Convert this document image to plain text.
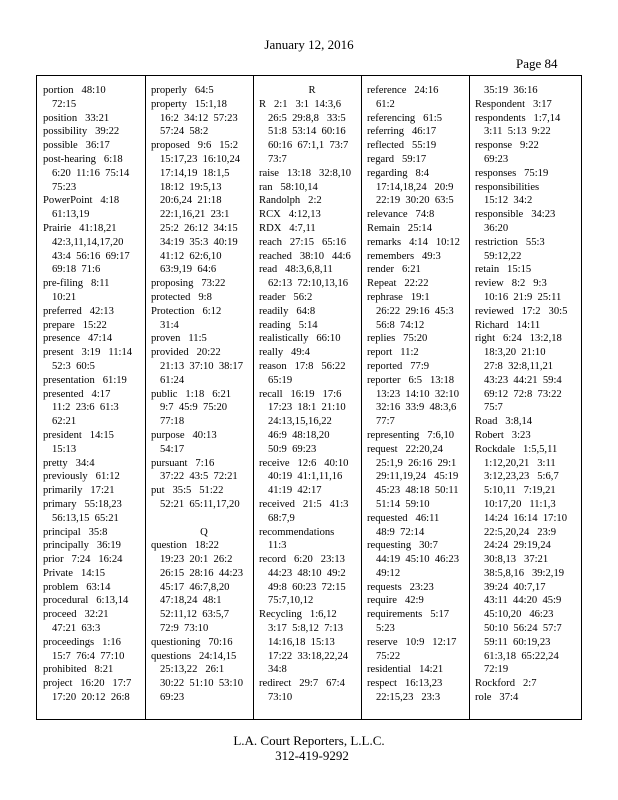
January 12, 2016
Page 84
portion   48:10
72:15
position   33:21
possibility   39:22
possible   36:17
post-hearing   6:18
6:20  11:16  75:14
75:23
PowerPoint   4:18
61:13,19
Prairie   41:18,21
42:3,11,14,17,20
43:4  56:16  69:17
69:18  71:6
pre-filing   8:11
10:21
preferred   42:13
prepare   15:22
presence   47:14
present   3:19   11:14
52:3  60:5
presentation   61:19
presented   4:17
11:2  23:6  61:3
62:21
president   14:15
15:13
pretty   34:4
previously   61:12
primarily   17:21
primary   55:18,23
56:13,15  65:21
principal   35:8
principally   36:19
prior   7:24   16:24
Private   14:15
problem   63:14
procedural   6:13,14
proceed   32:21
47:21  63:3
proceedings   1:16
15:7  76:4  77:10
prohibited   8:21
project   16:20   17:7
17:20  20:12  26:8
properly   64:5
property   15:1,18
16:2  34:12  57:23
57:24  58:2
proposed   9:6   15:2
15:17,23  16:10,24
17:14,19  18:1,5
18:12  19:5,13
20:6,24  21:18
22:1,16,21  23:1
25:2  26:12  34:15
34:19  35:3  40:19
41:12  62:6,10
63:9,19  64:6
proposing   73:22
protected   9:8
Protection   6:12
31:4
proven   11:5
provided   20:22
21:13  37:10  38:17
61:24
public   1:18   6:21
9:7  45:9  75:20
77:18
purpose   40:13
54:17
pursuant   7:16
37:22  43:5  72:21
put   35:5   51:22
52:21  65:11,17,20
Q
question   18:22
19:23  20:1  26:2
26:15  28:16  44:23
45:17  46:7,8,20
47:18,24  48:1
52:11,12  63:5,7
72:9  73:10
questioning   70:16
questions   24:14,15
25:13,22   26:1
30:22  51:10  53:10
69:23
R
R   2:1   3:1  14:3,6
26:5  29:8,8   33:5
51:8  53:14  60:16
60:16  67:1,1  73:7
73:7
raise   13:18   32:8,10
ran   58:10,14
Randolph   2:2
RCX   4:12,13
RDX   4:7,11
reach   27:15   65:16
reached   38:10   44:6
read   48:3,6,8,11
62:13  72:10,13,16
reader   56:2
readily   64:8
reading   5:14
realistically   66:10
really   49:4
reason   17:8   56:22
65:19
recall   16:19   17:6
17:23  18:1  21:10
24:13,15,16,22
46:9  48:18,20
50:9  69:23
receive   12:6   40:10
40:19  41:1,11,16
41:19  42:17
received   21:5   41:3
68:7,9
recommendations
11:3
record   6:20   23:13
44:23  48:10  49:2
49:8  60:23  72:15
75:7,10,12
Recycling   1:6,12
3:17  5:8,12  7:13
14:16,18  15:13
17:22  33:18,22,24
34:8
redirect   29:7   67:4
73:10
reference   24:16
61:2
referencing   61:5
referring   46:17
reflected   55:19
regard   59:17
regarding   8:4
17:14,18,24   20:9
22:19  30:20  63:5
relevance   74:8
Remain   25:14
remarks   4:14   10:12
remembers   49:3
render   6:21
Repeat   22:22
rephrase   19:1
26:22  29:16  45:3
56:8  74:12
replies   75:20
report   11:2
reported   77:9
reporter   6:5   13:18
13:23  14:10  32:10
32:16  33:9  48:3,6
77:7
representing   7:6,10
request   22:20,24
25:1,9  26:16  29:1
29:11,19,24   45:19
45:23  48:18  50:11
51:14  59:10
requested   46:11
48:9  72:14
requesting   30:7
44:19  45:10  46:23
49:12
requests   23:23
require   42:9
requirements   5:17
5:23
reserve   10:9   12:17
75:22
residential   14:21
respect   16:13,23
22:15,23   23:3
35:19  36:16
Respondent   3:17
respondents   1:7,14
3:11  5:13  9:22
response   9:22
69:23
responses   75:19
responsibilities
15:12  34:2
responsible   34:23
36:20
restriction   55:3
59:12,22
retain   15:15
review   8:2   9:3
10:16  21:9  25:11
reviewed   17:2   30:5
Richard   14:11
right   6:24   13:2,18
18:3,20  21:10
27:8  32:8,11,21
43:23  44:21  59:4
69:12  72:8  73:22
75:7
Road   3:8,14
Robert   3:23
Rockdale   1:5,5,11
1:12,20,21   3:11
3:12,23,23   5:6,7
5:10,11   7:19,21
10:17,20   11:1,3
14:24  16:14  17:10
22:5,20,24   23:9
24:24  29:19,24
30:8,13   37:21
38:5,8,16   39:2,19
39:24  40:7,17
43:11  44:20  45:9
45:10,20   46:23
50:10  56:24  57:7
59:11  60:19,23
61:3,18  65:22,24
72:19
Rockford   2:7
role   37:4
L.A. Court Reporters, L.L.C.
312-419-9292
